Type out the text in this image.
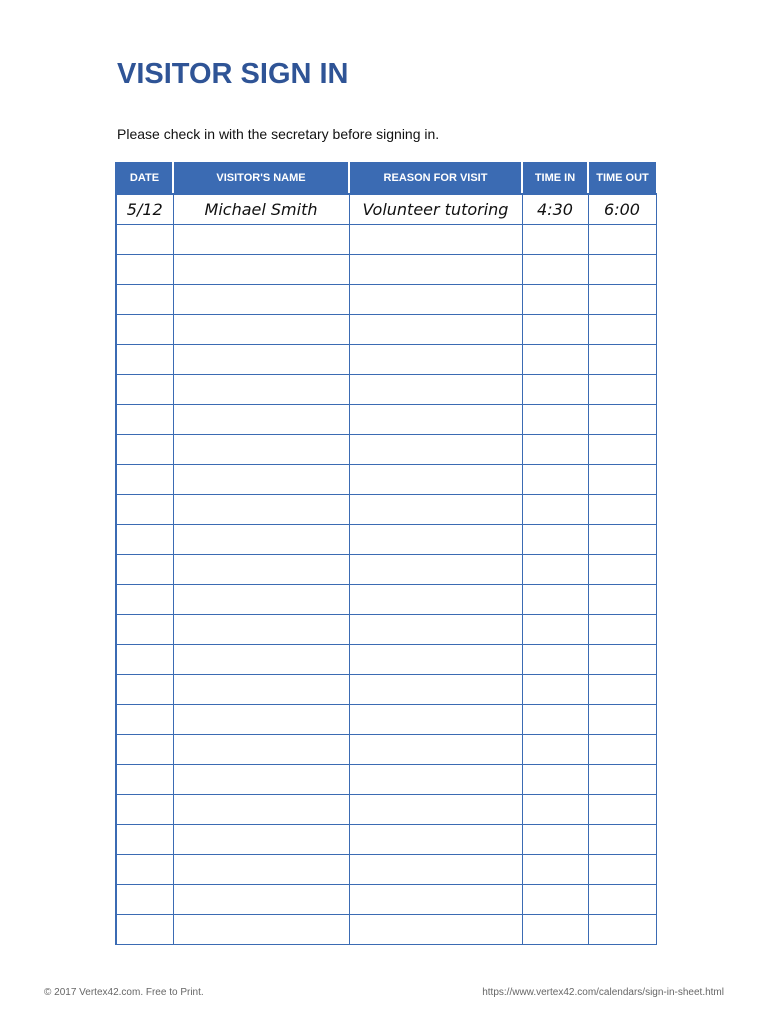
VISITOR SIGN IN
Please check in with the secretary before signing in.
DATE	VISITOR'S NAME	REASON FOR VISIT	TIME IN	TIME OUT
5/12	Michael Smith	Volunteer tutoring	4:30	6:00

© 2017 Vertex42.com. Free to Print.	https://www.vertex42.com/calendars/sign-in-sheet.html
